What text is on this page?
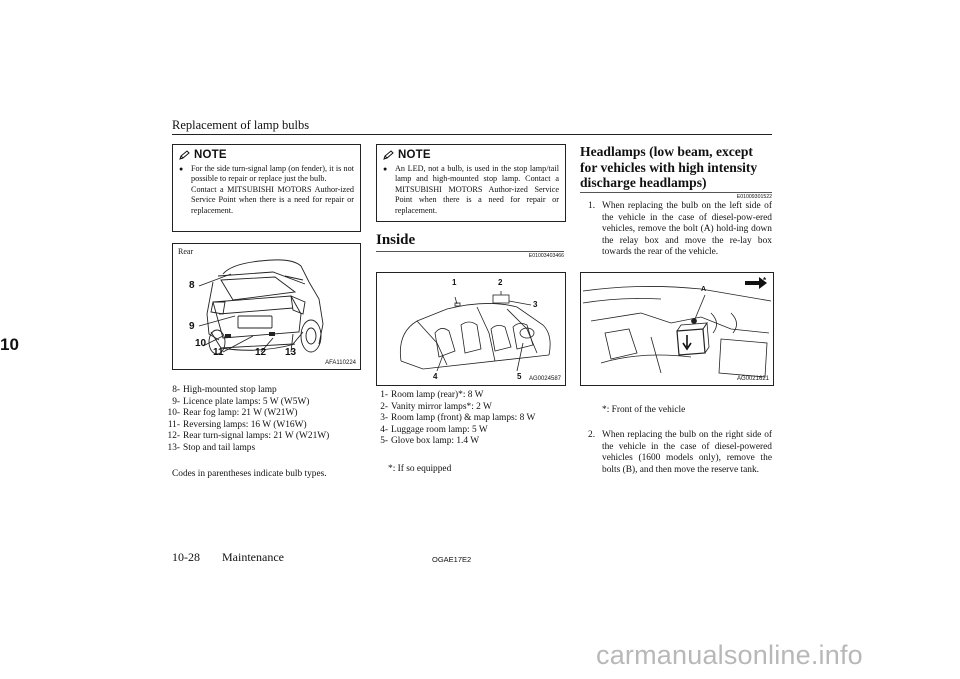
Replacement of lamp bulbs
10
NOTE
● For the side turn-signal lamp (on fender), it is not possible to repair or replace just the bulb.
Contact a MITSUBISHI MOTORS Author-ized Service Point when there is a need for repair or replacement.
Rear
8
9
10
11	12 13
AFA110224
8- High-mounted stop lamp
9- Licence plate lamps: 5 W (W5W)
10- Rear fog lamp: 21 W (W21W)
11- Reversing lamps: 16 W (W16W)
12- Rear turn-signal lamps: 21 W (W21W)
13- Stop and tail lamps
Codes in parentheses indicate bulb types.
NOTE
● An LED, not a bulb, is used in the stop lamp/tail lamp and high-mounted stop lamp. Contact a MITSUBISHI MOTORS Author-ized Service Point when there is a need for repair or replacement.
Inside
E01003403466
1	2
3
4	5 AG0024587
1- Room lamp (rear)*: 8 W
2- Vanity mirror lamps*: 2 W
3- Room lamp (front) & map lamps: 8 W
4- Luggage room lamp: 5 W
5- Glove box lamp: 1.4 W
*: If so equipped
Headlamps (low beam, except
for vehicles with high intensity
discharge headlamps)
E01009301522
1. When replacing the bulb on the left side of the vehicle in the case of diesel-pow-ered vehicles, remove the bolt (A) hold-ing down the relay box and move the re-lay box towards the rear of the vehicle.
A
*
AG0021621
*: Front of the vehicle
2. When replacing the bulb on the right side of the vehicle in the case of diesel-powered vehicles (1600 models only), remove the bolts (B), and then move the reserve tank.
10-28 Maintenance	OGAE17E2
carmanualsonline.info
